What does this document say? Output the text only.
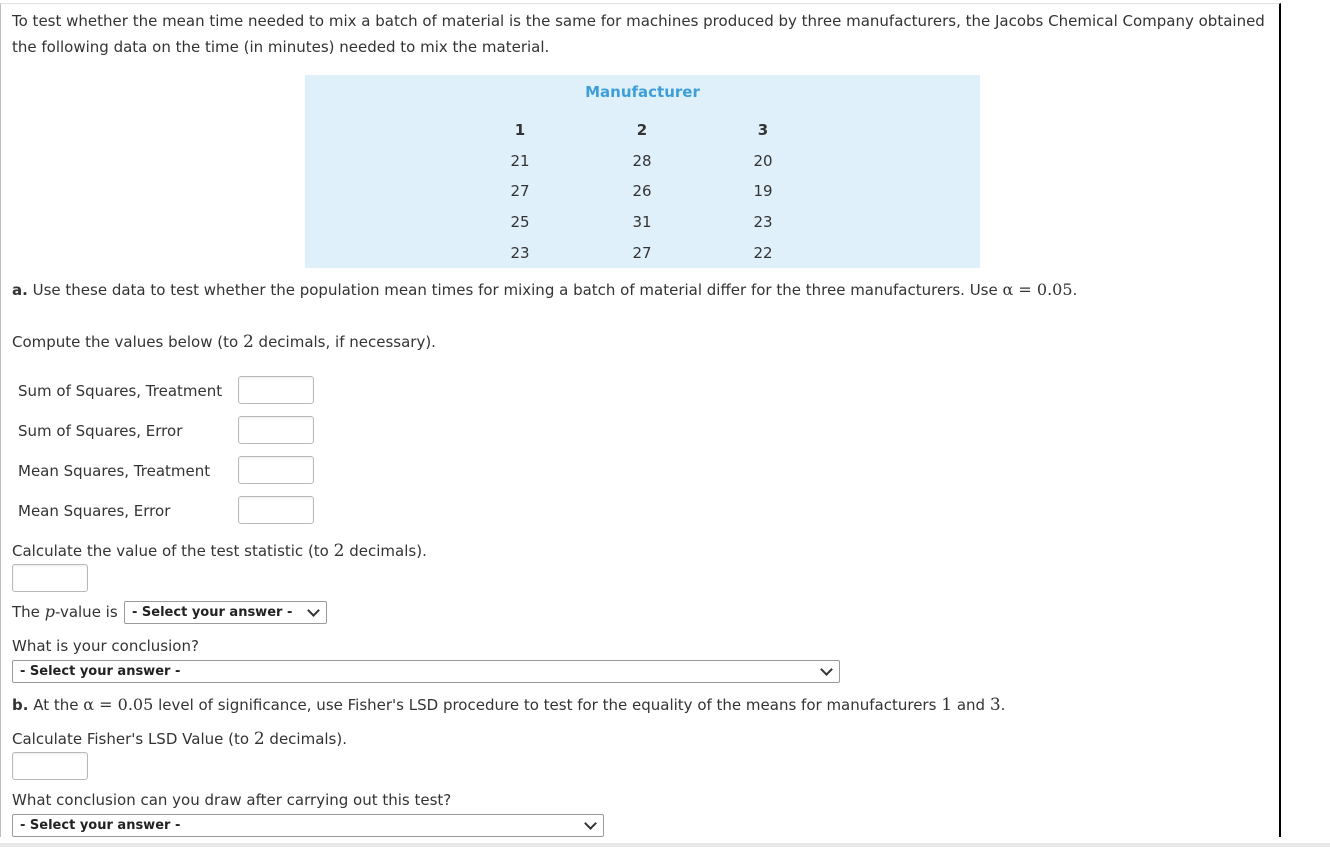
To test whether the mean time needed to mix a batch of material is the same for machines produced by three manufacturers, the Jacobs Chemical Company obtained the following data on the time (in minutes) needed to mix the material.

Manufacturer
1	2	3
21	28	20
27	26	19
25	31	23
23	27	22

a. Use these data to test whether the population mean times for mixing a batch of material differ for the three manufacturers. Use α = 0.05.

Compute the values below (to 2 decimals, if necessary).

Sum of Squares, Treatment
Sum of Squares, Error
Mean Squares, Treatment
Mean Squares, Error

Calculate the value of the test statistic (to 2 decimals).

The p-value is	- Select your answer -

What is your conclusion?

- Select your answer -

b. At the α = 0.05 level of significance, use Fisher's LSD procedure to test for the equality of the means for manufacturers 1 and 3.

Calculate Fisher's LSD Value (to 2 decimals).

What conclusion can you draw after carrying out this test?

- Select your answer -
